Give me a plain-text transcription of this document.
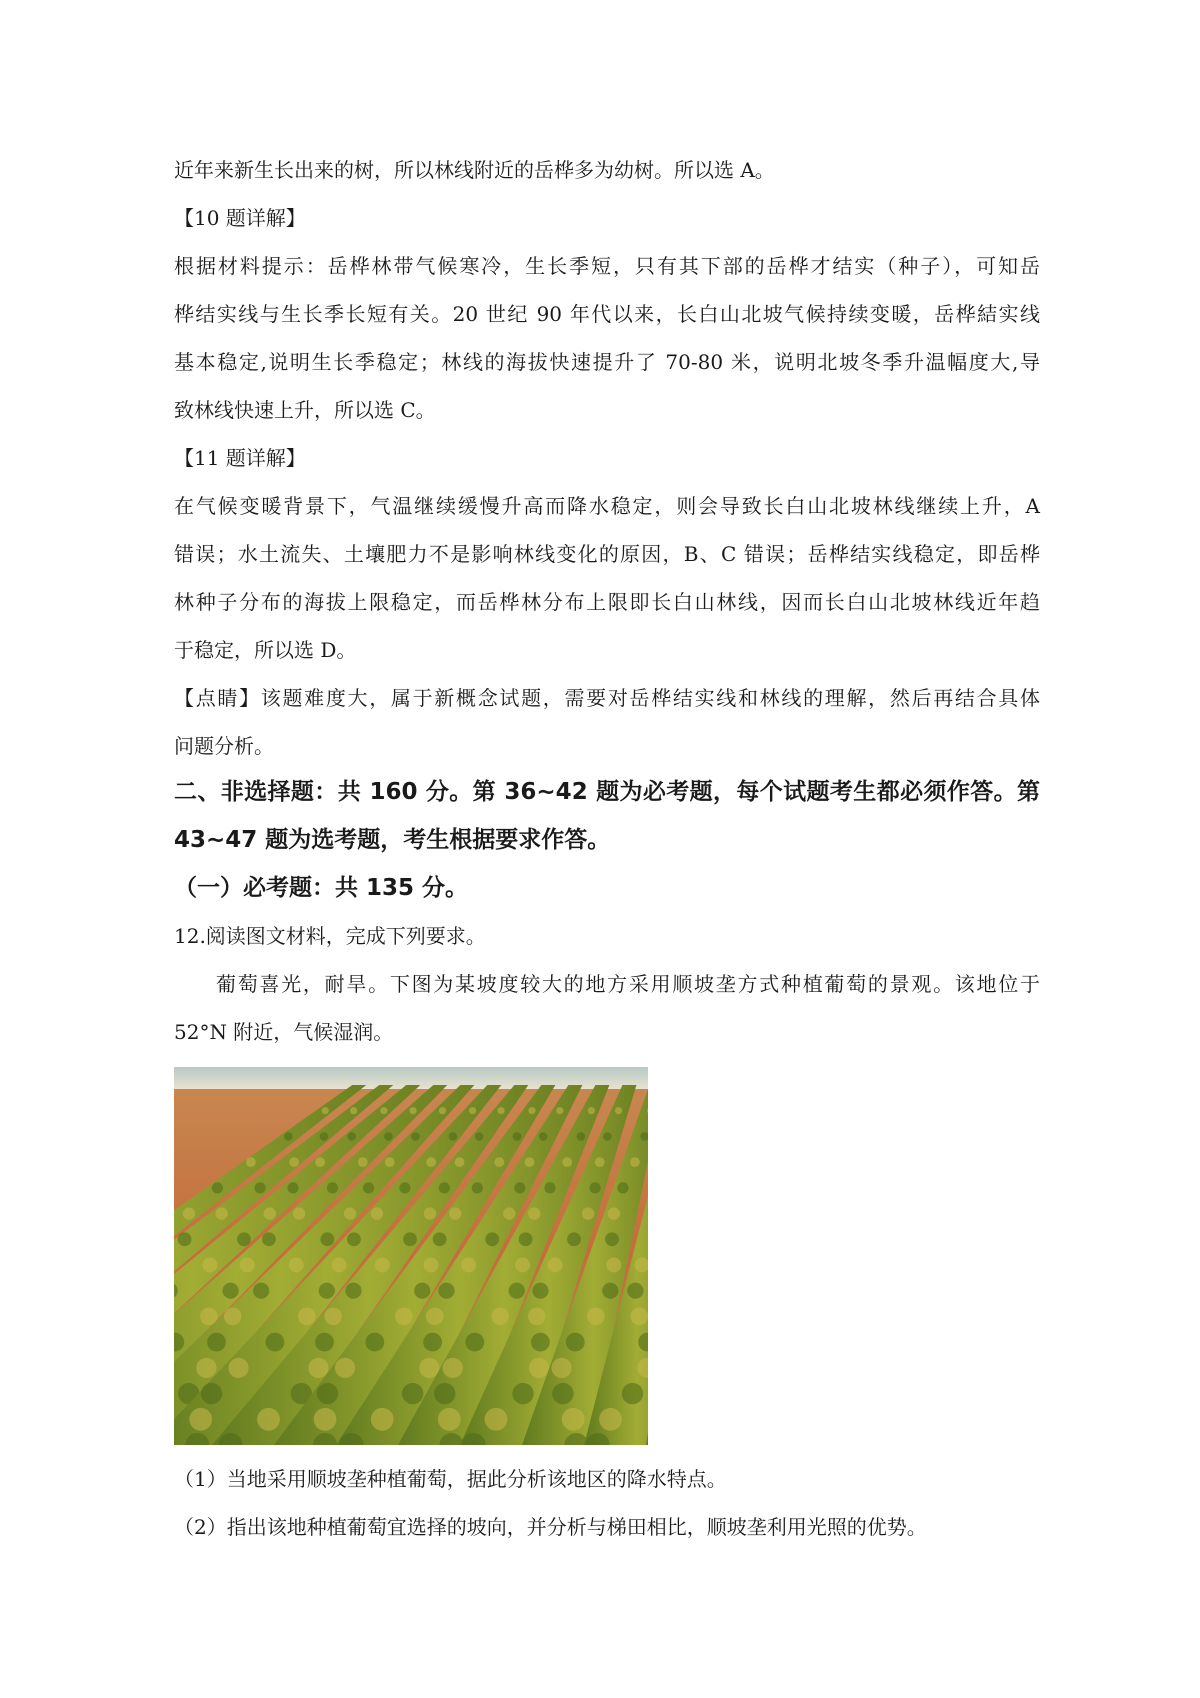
近年来新生长出来的树，所以林线附近的岳桦多为幼树。所以选 A。

【10 题详解】

根据材料提示：岳桦林带气候寒冷，生长季短，只有其下部的岳桦才结实（种子），可知岳
桦结实线与生长季长短有关。20 世纪 90 年代以来，长白山北坡气候持续变暖，岳桦結实线
基本稳定,说明生长季稳定；林线的海拔快速提升了 70-80 米，说明北坡冬季升温幅度大,导
致林线快速上升，所以选 C。

【11 题详解】

在气候变暖背景下，气温继续缓慢升高而降水稳定，则会导致长白山北坡林线继续上升，A
错误；水土流失、土壤肥力不是影响林线变化的原因，B、C 错误；岳桦结实线稳定，即岳桦
林种子分布的海拔上限稳定，而岳桦林分布上限即长白山林线，因而长白山北坡林线近年趋
于稳定，所以选 D。

【点睛】该题难度大，属于新概念试题，需要对岳桦结实线和林线的理解，然后再结合具体
问题分析。

二、非选择题：共 160 分。第 36~42 题为必考题，每个试题考生都必须作答。第
43~47 题为选考题，考生根据要求作答。

（一）必考题：共 135 分。

12.阅读图文材料，完成下列要求。

葡萄喜光，耐旱。下图为某坡度较大的地方采用顺坡垄方式种植葡萄的景观。该地位于
52°N 附近，气候湿润。

（1）当地采用顺坡垄种植葡萄，据此分析该地区的降水特点。

（2）指出该地种植葡萄宜选择的坡向，并分析与梯田相比，顺坡垄利用光照的优势。
